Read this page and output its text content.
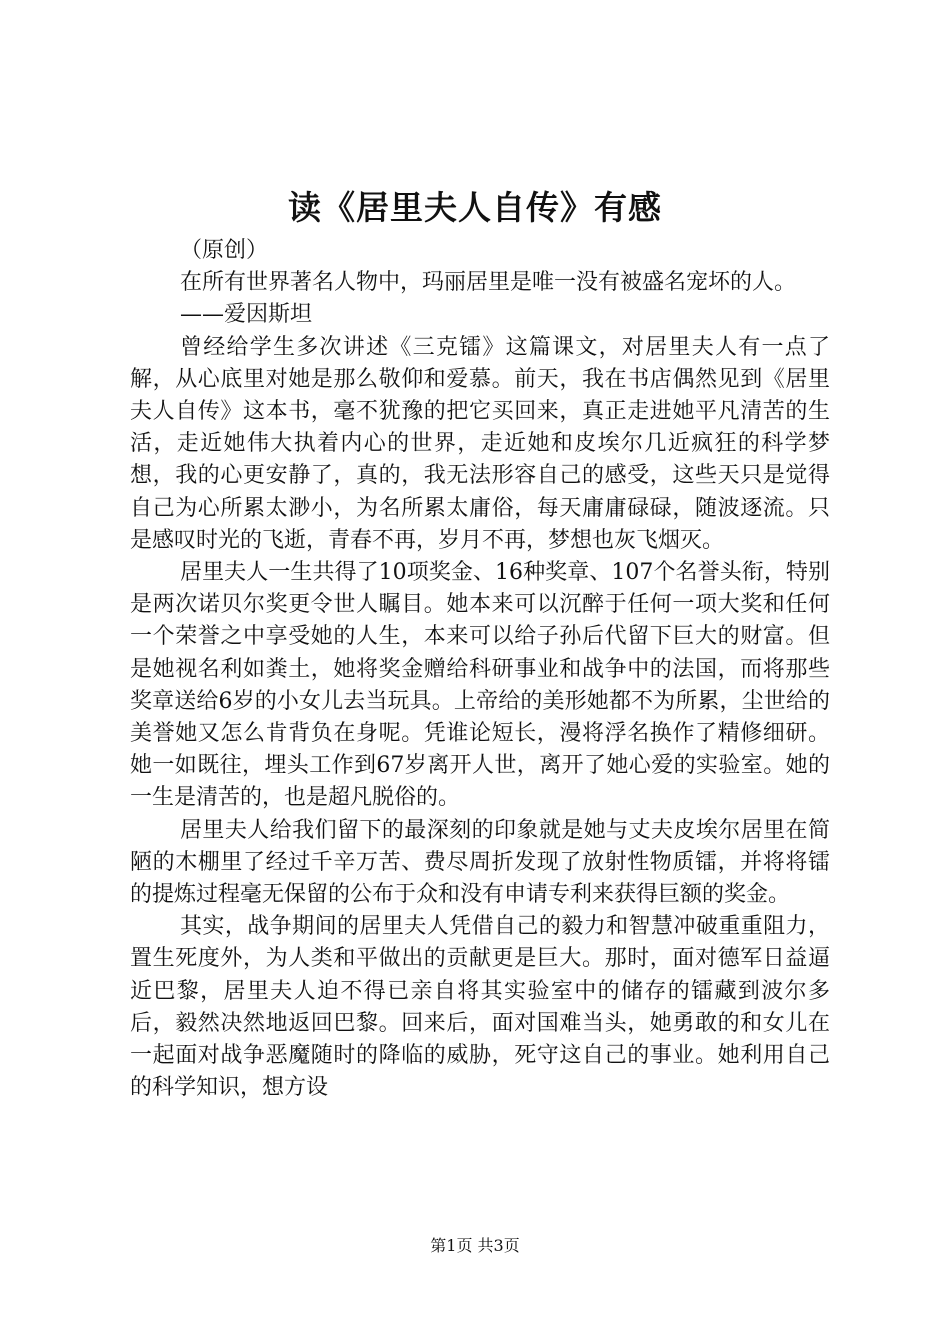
读《居里夫人自传》有感

（原创）

在所有世界著名人物中，玛丽居里是唯一没有被盛名宠坏的人。

——爱因斯坦

曾经给学生多次讲述《三克镭》这篇课文，对居里夫人有一点了解，从心底里对她是那么敬仰和爱慕。前天，我在书店偶然见到《居里夫人自传》这本书，毫不犹豫的把它买回来，真正走进她平凡清苦的生活，走近她伟大执着内心的世界，走近她和皮埃尔几近疯狂的科学梦想，我的心更安静了，真的，我无法形容自己的感受，这些天只是觉得自己为心所累太渺小，为名所累太庸俗，每天庸庸碌碌，随波逐流。只是感叹时光的飞逝，青春不再，岁月不再，梦想也灰飞烟灭。

居里夫人一生共得了10项奖金、16种奖章、107个名誉头衔，特别是两次诺贝尔奖更令世人瞩目。她本来可以沉醉于任何一项大奖和任何一个荣誉之中享受她的人生，本来可以给子孙后代留下巨大的财富。但是她视名利如粪土，她将奖金赠给科研事业和战争中的法国，而将那些奖章送给6岁的小女儿去当玩具。上帝给的美形她都不为所累，尘世给的美誉她又怎么肯背负在身呢。凭谁论短长，漫将浮名换作了精修细研。她一如既往，埋头工作到67岁离开人世，离开了她心爱的实验室。她的一生是清苦的，也是超凡脱俗的。

居里夫人给我们留下的最深刻的印象就是她与丈夫皮埃尔居里在简陋的木棚里了经过千辛万苦、费尽周折发现了放射性物质镭，并将将镭的提炼过程毫无保留的公布于众和没有申请专利来获得巨额的奖金。

其实，战争期间的居里夫人凭借自己的毅力和智慧冲破重重阻力，置生死度外，为人类和平做出的贡献更是巨大。那时，面对德军日益逼近巴黎，居里夫人迫不得已亲自将其实验室中的储存的镭藏到波尔多后，毅然决然地返回巴黎。回来后，面对国难当头，她勇敢的和女儿在一起面对战争恶魔随时的降临的威胁，死守这自己的事业。她利用自己的科学知识，想方设

第1页 共3页
